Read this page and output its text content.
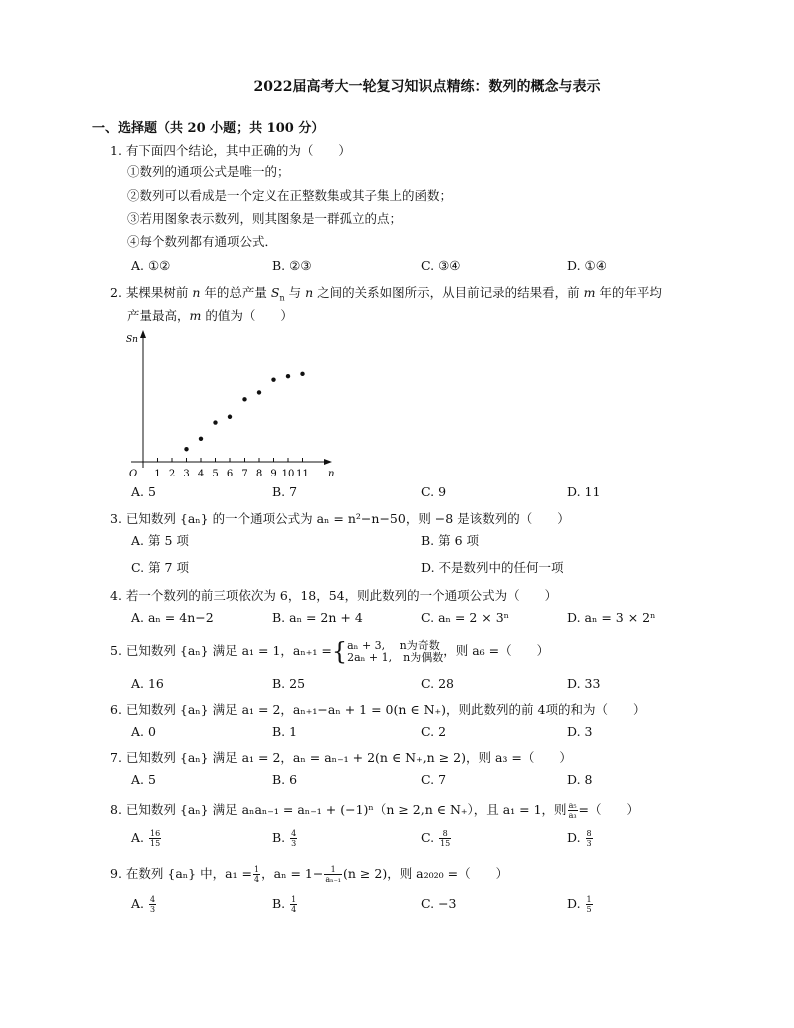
2022届高考大一轮复习知识点精练：数列的概念与表示
一、选择题（共 20 小题；共 100 分）
1. 有下面四个结论，其中正确的为（　　）
①数列的通项公式是唯一的；
②数列可以看成是一个定义在正整数集或其子集上的函数；
③若用图象表示数列，则其图象是一群孤立的点；
④每个数列都有通项公式．
A. ①②	B. ②③	C. ③④	D. ①④
2. 某棵果树前 n 年的总产量 $S_n$ 与 n 之间的关系如图所示，从目前记录的结果看，前 m 年的年平均
产量最高，m 的值为（　　）
Sn
n
O 1 2 3 4 5 6 7 8 9 10 11
A. 5	B. 7	C. 9	D. 11
3. 已知数列 {aₙ} 的一个通项公式为 aₙ = n²−n−50，则 −8 是该数列的（　　）
A. 第 5 项	B. 第 6 项
C. 第 7 项	D. 不是数列中的任何一项
4. 若一个数列的前三项依次为 6，18，54，则此数列的一个通项公式为（　　）
A. aₙ = 4n−2	B. aₙ = 2n + 4	C. aₙ = 2 × 3ⁿ	D. aₙ = 3 × 2ⁿ
5. 已知数列 {aₙ} 满足 a₁ = 1，aₙ₊₁ ={ aₙ + 3,　 n为奇数
2aₙ + 1,　n为偶数 ，则 a₆ =（　　）
A. 16	B. 25	C. 28	D. 33
6. 已知数列 {aₙ} 满足 a₁ = 2，aₙ₊₁−aₙ + 1 = 0(n ∈ N₊)，则此数列的前 4项的和为（　　）
A. 0	B. 1	C. 2	D. 3
7. 已知数列 {aₙ} 满足 a₁ = 2，aₙ = aₙ₋₁ + 2(n ∈ N₊,n ≥ 2)，则 a₃ =（　　）
A. 5	B. 6	C. 7	D. 8
8. 已知数列 {aₙ} 满足 aₙaₙ₋₁ = aₙ₋₁ + (−1)ⁿ（n ≥ 2,n ∈ N₊），且 a₁ = 1，则 $\frac{\text{a₅}}{\text{a₃}}$ =（　　）
A. $\frac{16}{15}$	B. $\frac{4}{3}$	C. $\frac{8}{15}$	D. $\frac{8}{3}$
9. 在数列 {aₙ} 中，$a_1 = \frac{1}{4}$ ，$a_n = 1- \frac{1}{\text{aₙ₋₁}} (n \ge 2)$，则 a₂₀₂₀ =（　　）
A. $\frac{4}{3}$	B. $\frac{1}{4}$	C. −3	D. $\frac{1}{5}$
